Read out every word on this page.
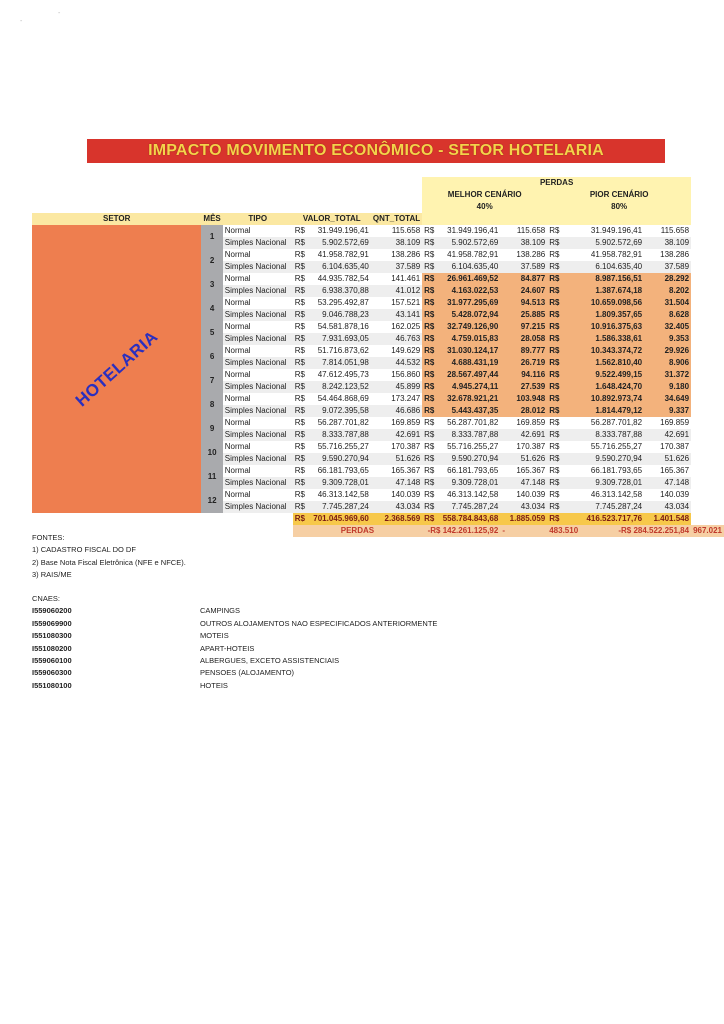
-
-
IMPACTO MOVIMENTO ECONÔMICO - SETOR HOTELARIA
						PERDAS						
						MELHOR CENÁRIO			PIOR CENÁRIO			
						40%			80%			
SETOR	MÊS	TIPO	VALOR_TOTAL		QNT_TOTAL							

HOTELARIA	1	Normal	R$	31.949.196,41	115.658	R$	31.949.196,41	115.658	R$	31.949.196,41	115.658	
		Simples Nacional	R$	5.902.572,69	38.109	R$	5.902.572,69	38.109	R$	5.902.572,69	38.109	
	2	Normal	R$	41.958.782,91	138.286	R$	41.958.782,91	138.286	R$	41.958.782,91	138.286	
		Simples Nacional	R$	6.104.635,40	37.589	R$	6.104.635,40	37.589	R$	6.104.635,40	37.589	
	3	Normal	R$	44.935.782,54	141.461	R$	26.961.469,52	84.877	R$	8.987.156,51	28.292	
		Simples Nacional	R$	6.938.370,88	41.012	R$	4.163.022,53	24.607	R$	1.387.674,18	8.202	
	4	Normal	R$	53.295.492,87	157.521	R$	31.977.295,69	94.513	R$	10.659.098,56	31.504	
		Simples Nacional	R$	9.046.788,23	43.141	R$	5.428.072,94	25.885	R$	1.809.357,65	8.628	
	5	Normal	R$	54.581.878,16	162.025	R$	32.749.126,90	97.215	R$	10.916.375,63	32.405	
		Simples Nacional	R$	7.931.693,05	46.763	R$	4.759.015,83	28.058	R$	1.586.338,61	9.353	
	6	Normal	R$	51.716.873,62	149.629	R$	31.030.124,17	89.777	R$	10.343.374,72	29.926	
		Simples Nacional	R$	7.814.051,98	44.532	R$	4.688.431,19	26.719	R$	1.562.810,40	8.906	
	7	Normal	R$	47.612.495,73	156.860	R$	28.567.497,44	94.116	R$	9.522.499,15	31.372	
		Simples Nacional	R$	8.242.123,52	45.899	R$	4.945.274,11	27.539	R$	1.648.424,70	9.180	
	8	Normal	R$	54.464.868,69	173.247	R$	32.678.921,21	103.948	R$	10.892.973,74	34.649	
		Simples Nacional	R$	9.072.395,58	46.686	R$	5.443.437,35	28.012	R$	1.814.479,12	9.337	
	9	Normal	R$	56.287.701,82	169.859	R$	56.287.701,82	169.859	R$	56.287.701,82	169.859	
		Simples Nacional	R$	8.333.787,88	42.691	R$	8.333.787,88	42.691	R$	8.333.787,88	42.691	
	10	Normal	R$	55.716.255,27	170.387	R$	55.716.255,27	170.387	R$	55.716.255,27	170.387	
		Simples Nacional	R$	9.590.270,94	51.626	R$	9.590.270,94	51.626	R$	9.590.270,94	51.626	
	11	Normal	R$	66.181.793,65	165.367	R$	66.181.793,65	165.367	R$	66.181.793,65	165.367	
		Simples Nacional	R$	9.309.728,01	47.148	R$	9.309.728,01	47.148	R$	9.309.728,01	47.148	
	12	Normal	R$	46.313.142,58	140.039	R$	46.313.142,58	140.039	R$	46.313.142,58	140.039	
		Simples Nacional	R$	7.745.287,24	43.034	R$	7.745.287,24	43.034	R$	7.745.287,24	43.034	
			R$	701.045.969,60	2.368.569	R$	558.784.843,68	1.885.059	R$	416.523.717,76	1.401.548	
			PERDAS			-R$ 142.261.125,92		-	483.510	-R$ 284.522.251,84		967.021
FONTES:
1) CADASTRO FISCAL DO DF
2) Base Nota Fiscal Eletrônica (NFE e NFCE).
3) RAIS/ME
CNAES:
I559060200	CAMPINGS
I559069900	OUTROS ALOJAMENTOS NAO ESPECIFICADOS ANTERIORMENTE
I551080300	MOTEIS
I551080200	APART-HOTEIS
I559060100	ALBERGUES, EXCETO ASSISTENCIAIS
I559060300	PENSOES (ALOJAMENTO)
I551080100	HOTEIS
